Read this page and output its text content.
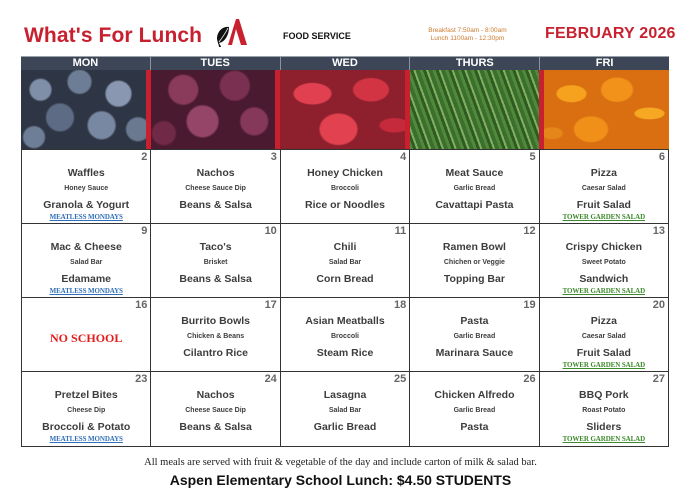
What's For Lunch	FOOD SERVICE
Breakfast 7:50am - 8:00am
Lunch 1100am - 12:30pm	FEBRUARY 2026
MON	TUES	WED	THURS	FRI
2
Waffles
Honey Sauce
Granola & Yogurt
MEATLESS MONDAYS
3
Nachos
Cheese Sauce Dip
Beans & Salsa
4
Honey Chicken
Broccoli
Rice or Noodles
5
Meat Sauce
Garlic Bread
Cavattapi Pasta
6
Pizza
Caesar Salad
Fruit Salad
TOWER GARDEN SALAD
9
Mac & Cheese
Salad Bar
Edamame
MEATLESS MONDAYS
10
Taco's
Brisket
Beans & Salsa
11
Chili
Salad Bar
Corn Bread
12
Ramen Bowl
Chichen or Veggie
Topping Bar
13
Crispy Chicken
Sweet Potato
Sandwich
TOWER GARDEN SALAD
16
NO SCHOOL
17
Burrito Bowls
Chicken & Beans
Cilantro Rice
18
Asian Meatballs
Broccoli
Steam Rice
19
Pasta
Garlic Bread
Marinara Sauce
20
Pizza
Caesar Salad
Fruit Salad
TOWER GARDEN SALAD
23
Pretzel Bites
Cheese Dip
Broccoli & Potato
MEATLESS MONDAYS
24
Nachos
Cheese Sauce Dip
Beans & Salsa
25
Lasagna
Salad Bar
Garlic Bread
26
Chicken Alfredo
Garlic Bread
Pasta
27
BBQ Pork
Roast Potato
Sliders
TOWER GARDEN SALAD
All meals are served with fruit & vegetable of the day and include carton of milk & salad bar.
Aspen Elementary School Lunch: $4.50 STUDENTS
